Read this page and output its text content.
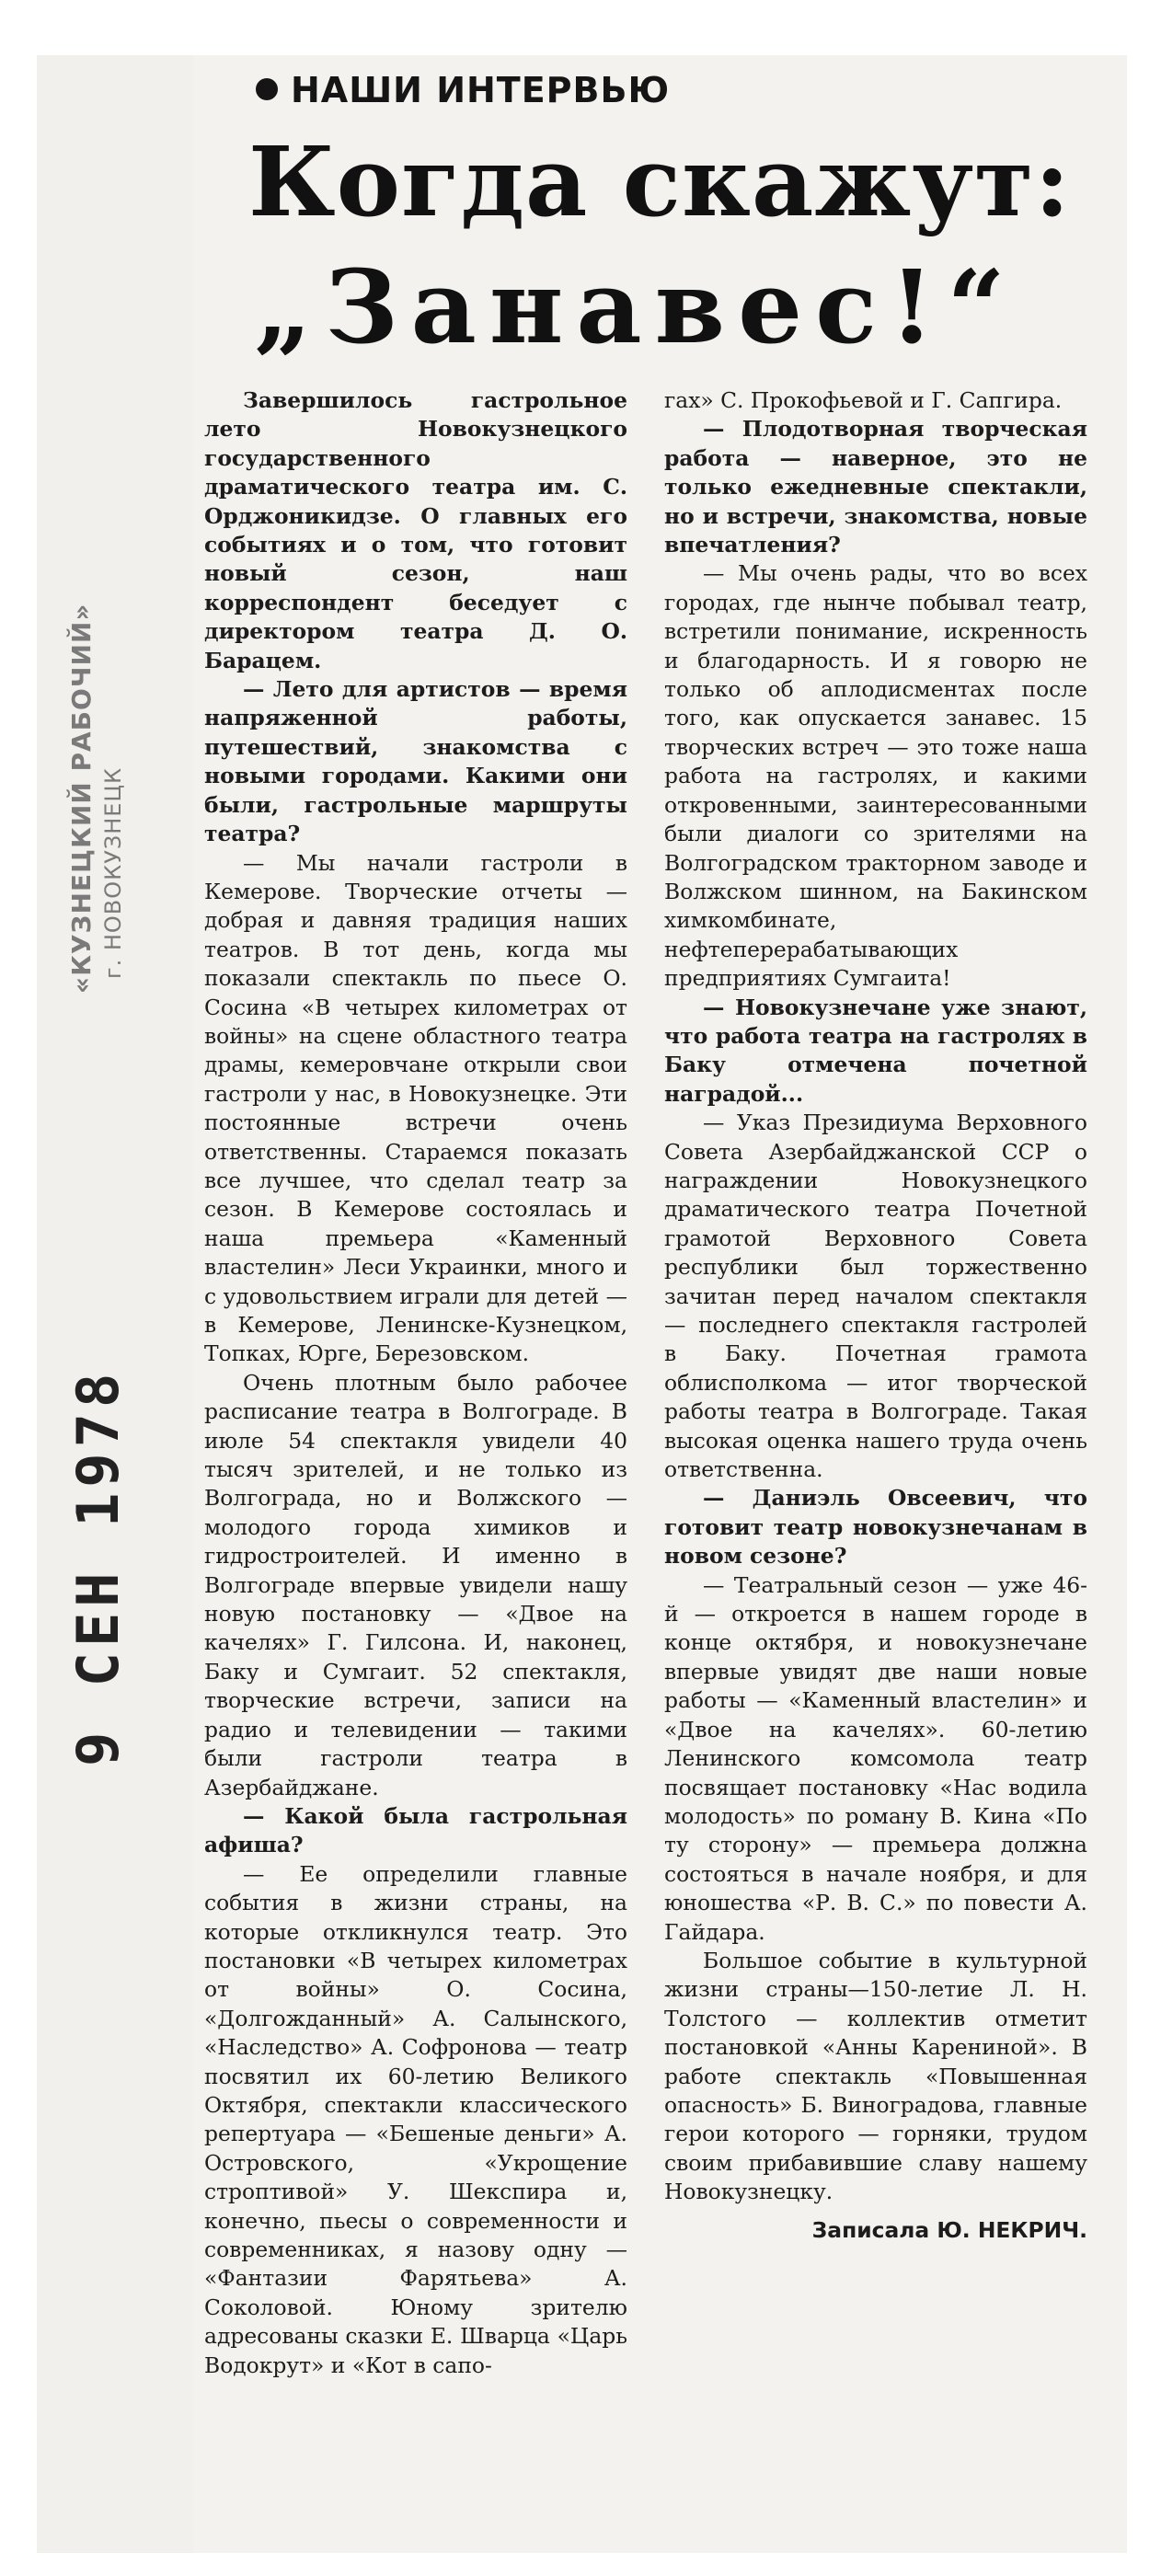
НАШИ ИНТЕРВЬЮ
Когда скажут:
„Занавес!“
«КУЗНЕЦКИЙ РАБОЧИЙ» г. НОВОКУЗНЕЦК
9 СЕН 1978

Завершилось гастрольное лето Новокузнецкого государственного драматического театра им. С. Орджоникидзе. О главных его событиях и о том, что готовит новый сезон, наш корреспондент беседует с директором театра Д. О. Барацем.

— Лето для артистов — время напряженной работы, путешествий, знакомства с новыми городами. Какими они были, гастрольные маршруты театра?

— Мы начали гастроли в Кемерове. Творческие отчеты — добрая и давняя традиция наших театров. В тот день, когда мы показали спектакль по пьесе О. Сосина «В четырех километрах от войны» на сцене областного театра драмы, кемеровчане открыли свои гастроли у нас, в Новокузнецке. Эти постоянные встречи очень ответственны. Стараемся показать все лучшее, что сделал театр за сезон. В Кемерове состоялась и наша премьера «Каменный властелин» Леси Украинки, много и с удовольствием играли для детей — в Кемерове, Ленинске-Кузнецком, Топках, Юрге, Березовском.

Очень плотным было рабочее расписание театра в Волгограде. В июле 54 спектакля увидели 40 тысяч зрителей, и не только из Волгограда, но и Волжского — молодого города химиков и гидростроителей. И именно в Волгограде впервые увидели нашу новую постановку — «Двое на качелях» Г. Гилсона. И, наконец, Баку и Сумгаит. 52 спектакля, творческие встречи, записи на радио и телевидении — такими были гастроли театра в Азербайджане.

— Какой была гастрольная афиша?

— Ее определили главные события в жизни страны, на которые откликнулся театр. Это постановки «В четырех километрах от войны» О. Сосина, «Долгожданный» А. Салынского, «Наследство» А. Софронова — театр посвятил их 60-летию Великого Октября, спектакли классического репертуара — «Бешеные деньги» А. Островского, «Укрощение строптивой» У. Шекспира и, конечно, пьесы о современности и современниках, я назову одну — «Фантазии Фарятьева» А. Соколовой. Юному зрителю адресованы сказки Е. Шварца «Царь Водокрут» и «Кот в сапо-

гах» С. Прокофьевой и Г. Сапгира.

— Плодотворная творческая работа — наверное, это не только ежедневные спектакли, но и встречи, знакомства, новые впечатления?

— Мы очень рады, что во всех городах, где нынче побывал театр, встретили понимание, искренность и благодарность. И я говорю не только об аплодисментах после того, как опускается занавес. 15 творческих встреч — это тоже наша работа на гастролях, и какими откровенными, заинтересованными были диалоги со зрителями на Волгоградском тракторном заводе и Волжском шинном, на Бакинском химкомбинате, нефтеперерабатывающих предприятиях Сумгаита!

— Новокузнечане уже знают, что работа театра на гастролях в Баку отмечена почетной наградой...

— Указ Президиума Верховного Совета Азербайджанской ССР о награждении Новокузнецкого драматического театра Почетной грамотой Верховного Совета республики был торжественно зачитан перед началом спектакля — последнего спектакля гастролей в Баку. Почетная грамота облисполкома — итог творческой работы театра в Волгограде. Такая высокая оценка нашего труда очень ответственна.

— Даниэль Овсеевич, что готовит театр новокузнечанам в новом сезоне?

— Театральный сезон — уже 46-й — откроется в нашем городе в конце октября, и новокузнечане впервые увидят две наши новые работы — «Каменный властелин» и «Двое на качелях». 60-летию Ленинского комсомола театр посвящает постановку «Нас водила молодость» по роману В. Кина «По ту сторону» — премьера должна состояться в начале ноября, и для юношества «Р. В. С.» по повести А. Гайдара.

Большое событие в культурной жизни страны—150-летие Л. Н. Толстого — коллектив отметит постановкой «Анны Карениной». В работе спектакль «Повышенная опасность» Б. Виноградова, главные герои которого — горняки, трудом своим прибавившие славу нашему Новокузнецку.

Записала Ю. НЕКРИЧ.
